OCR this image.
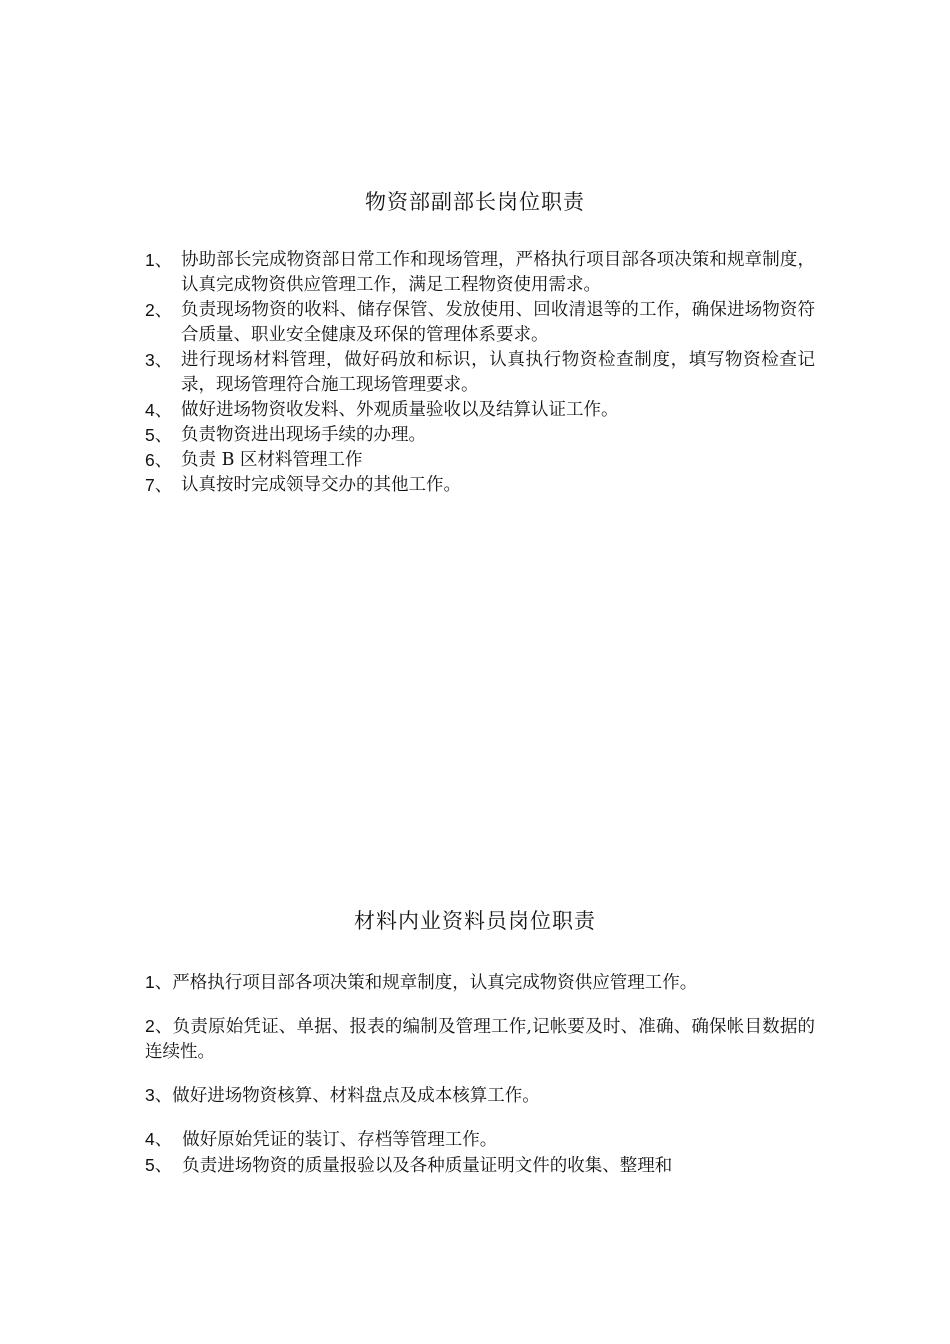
物资部副部长岗位职责
1、 协助部长完成物资部日常工作和现场管理，严格执行项目部各项决策和规章制度，认真完成物资供应管理工作，满足工程物资使用需求。
2、 负责现场物资的收料、储存保管、发放使用、回收清退等的工作，确保进场物资符合质量、职业安全健康及环保的管理体系要求。
3、 进行现场材料管理，做好码放和标识，认真执行物资检查制度，填写物资检查记录，现场管理符合施工现场管理要求。
4、 做好进场物资收发料、外观质量验收以及结算认证工作。
5、 负责物资进出现场手续的办理。
6、 负责 B 区材料管理工作
7、 认真按时完成领导交办的其他工作。
材料内业资料员岗位职责
1、严格执行项目部各项决策和规章制度，认真完成物资供应管理工作。
2、负责原始凭证、单据、报表的编制及管理工作,记帐要及时、准确、确保帐目数据的连续性。
3、做好进场物资核算、材料盘点及成本核算工作。
4、 做好原始凭证的装订、存档等管理工作。
5、 负责进场物资的质量报验以及各种质量证明文件的收集、整理和
